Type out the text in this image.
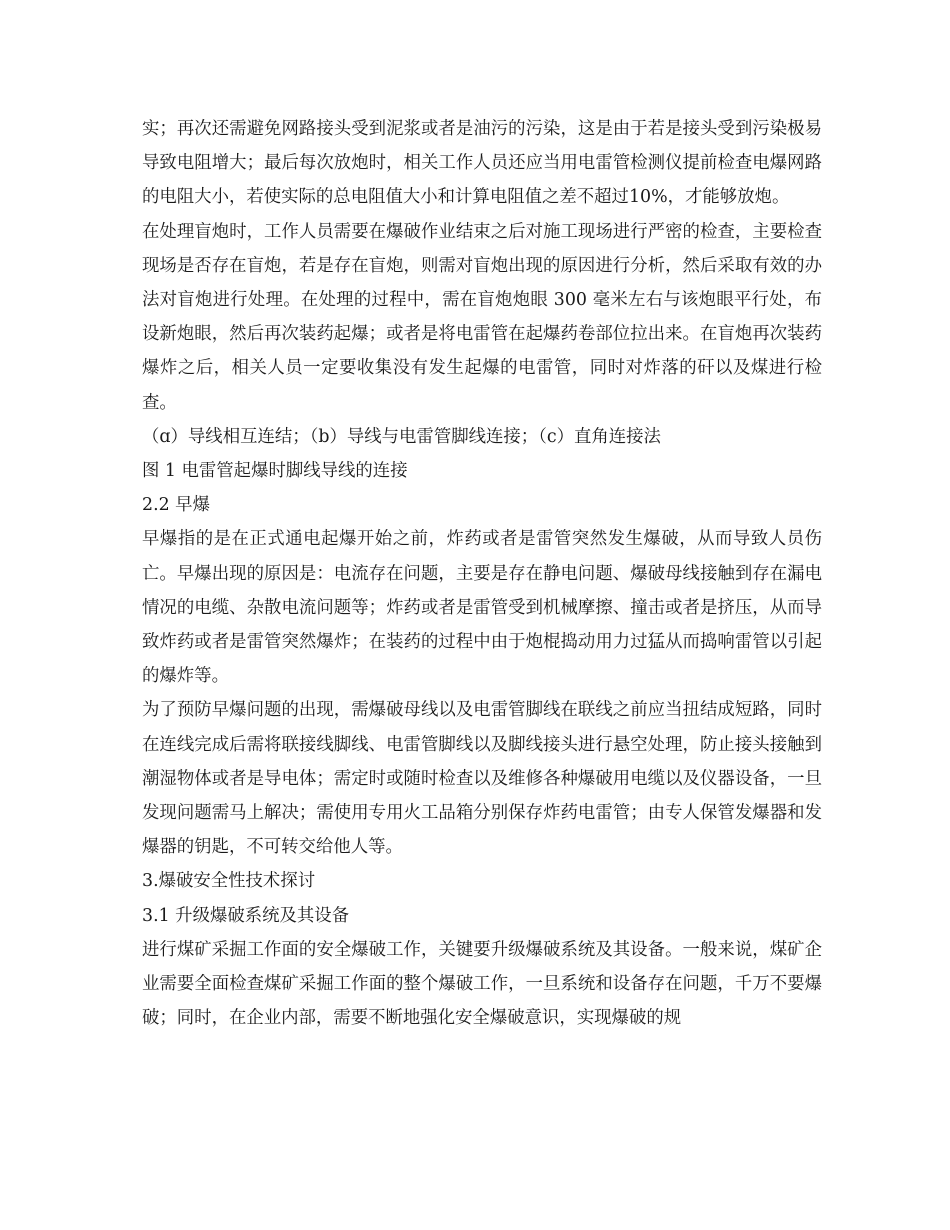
实；再次还需避免网路接头受到泥浆或者是油污的污染，这是由于若是接头受到污染极易导致电阻增大；最后每次放炮时，相关工作人员还应当用电雷管检测仪提前检查电爆网路的电阻大小，若使实际的总电阻值大小和计算电阻值之差不超过10%，才能够放炮。

在处理盲炮时，工作人员需要在爆破作业结束之后对施工现场进行严密的检查，主要检查现场是否存在盲炮，若是存在盲炮，则需对盲炮出现的原因进行分析，然后采取有效的办法对盲炮进行处理。在处理的过程中，需在盲炮炮眼 300 毫米左右与该炮眼平行处，布设新炮眼，然后再次装药起爆；或者是将电雷管在起爆药卷部位拉出来。在盲炮再次装药爆炸之后，相关人员一定要收集没有发生起爆的电雷管，同时对炸落的矸以及煤进行检查。

（ɑ）导线相互连结；（b）导线与电雷管脚线连接；（c）直角连接法

图 1 电雷管起爆时脚线导线的连接

2.2 早爆

早爆指的是在正式通电起爆开始之前，炸药或者是雷管突然发生爆破，从而导致人员伤亡。早爆出现的原因是：电流存在问题，主要是存在静电问题、爆破母线接触到存在漏电情况的电缆、杂散电流问题等；炸药或者是雷管受到机械摩擦、撞击或者是挤压，从而导致炸药或者是雷管突然爆炸；在装药的过程中由于炮棍捣动用力过猛从而捣响雷管以引起的爆炸等。

为了预防早爆问题的出现，需爆破母线以及电雷管脚线在联线之前应当扭结成短路，同时在连线完成后需将联接线脚线、电雷管脚线以及脚线接头进行悬空处理，防止接头接触到潮湿物体或者是导电体；需定时或随时检查以及维修各种爆破用电缆以及仪器设备，一旦发现问题需马上解决；需使用专用火工品箱分别保存炸药电雷管；由专人保管发爆器和发爆器的钥匙，不可转交给他人等。

3.爆破安全性技术探讨

3.1 升级爆破系统及其设备

进行煤矿采掘工作面的安全爆破工作，关键要升级爆破系统及其设备。一般来说，煤矿企业需要全面检查煤矿采掘工作面的整个爆破工作，一旦系统和设备存在问题，千万不要爆破；同时，在企业内部，需要不断地强化安全爆破意识，实现爆破的规
